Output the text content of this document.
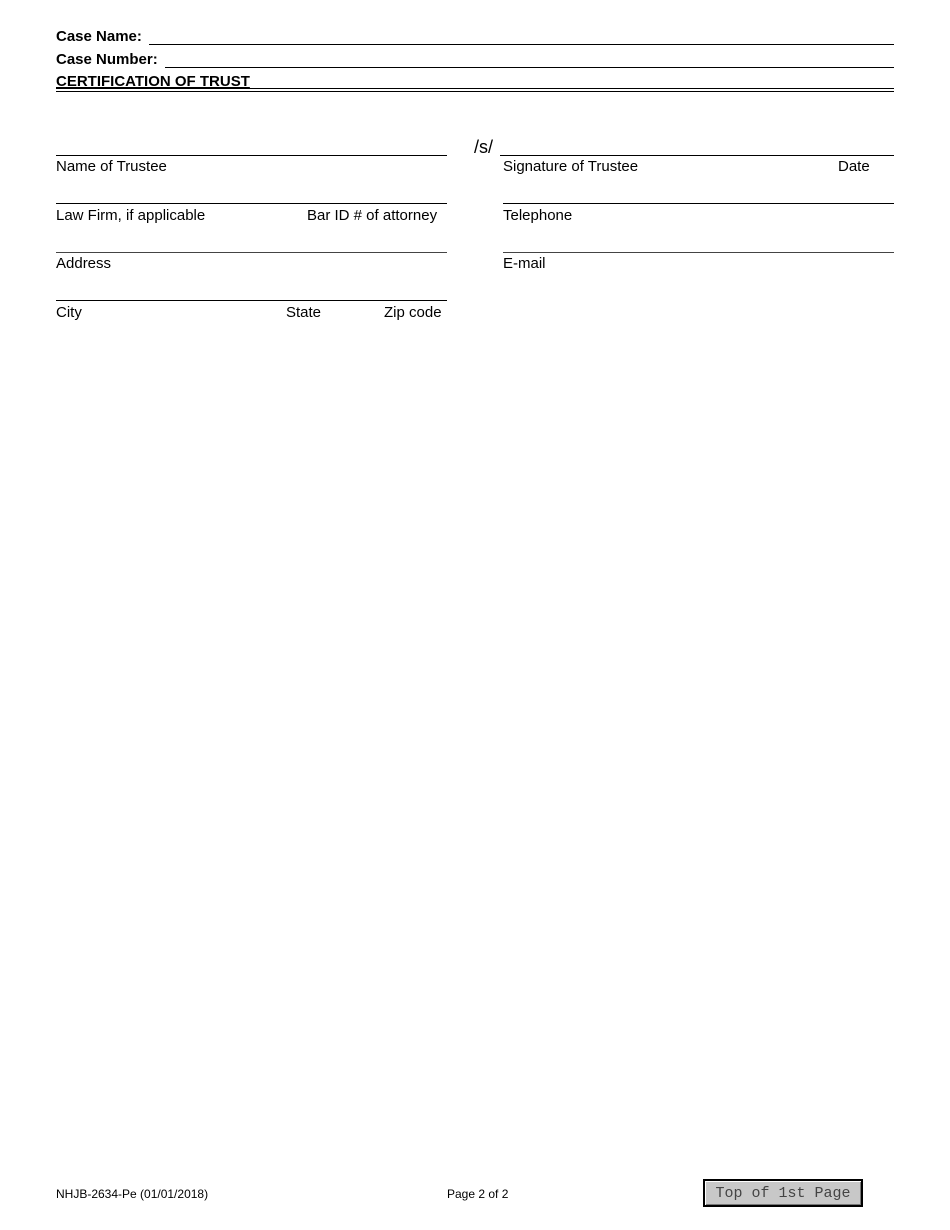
Case Name:
Case Number:
CERTIFICATION OF TRUST
Name of Trustee
Law Firm, if applicable	Bar ID # of attorney
Address
City	State	Zip code
/s/
Signature of Trustee	Date
Telephone
E-mail
NHJB-2634-Pe (01/01/2018)	Page 2 of 2	Top of 1st Page
